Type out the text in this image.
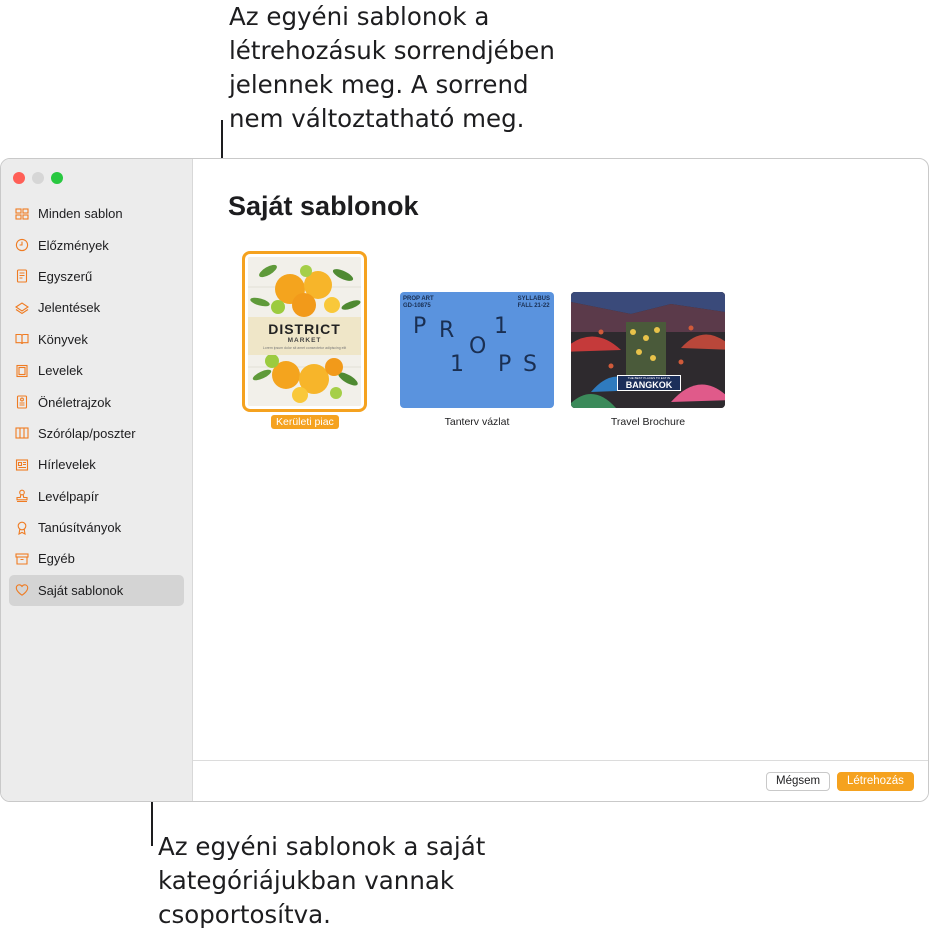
Az egyéni sablonok a
létrehozásuk sorrendjében
jelennek meg. A sorrend
nem változtatható meg.

Az egyéni sablonok a saját
kategóriájukban vannak
csoportosítva.

Minden sablon
Előzmények
Egyszerű
Jelentések
Könyvek
Levelek
Önéletrajzok
Szórólap/poszter
Hírlevelek
Levélpapír
Tanúsítványok
Egyéb
Saját sablonok
Saját sablonok
DISTRICT
MARKET
Lorem ipsum dolor sit amet consectetur adipiscing elit
Kerületi piac
PROP ART
GD-10875
SYLLABUS
FALL 21-22
P R 1
O
1 P S
Tanterv vázlat
THE BEST PLACES TO EAT IN
BANGKOK
Travel Brochure
Mégsem	Létrehozás
